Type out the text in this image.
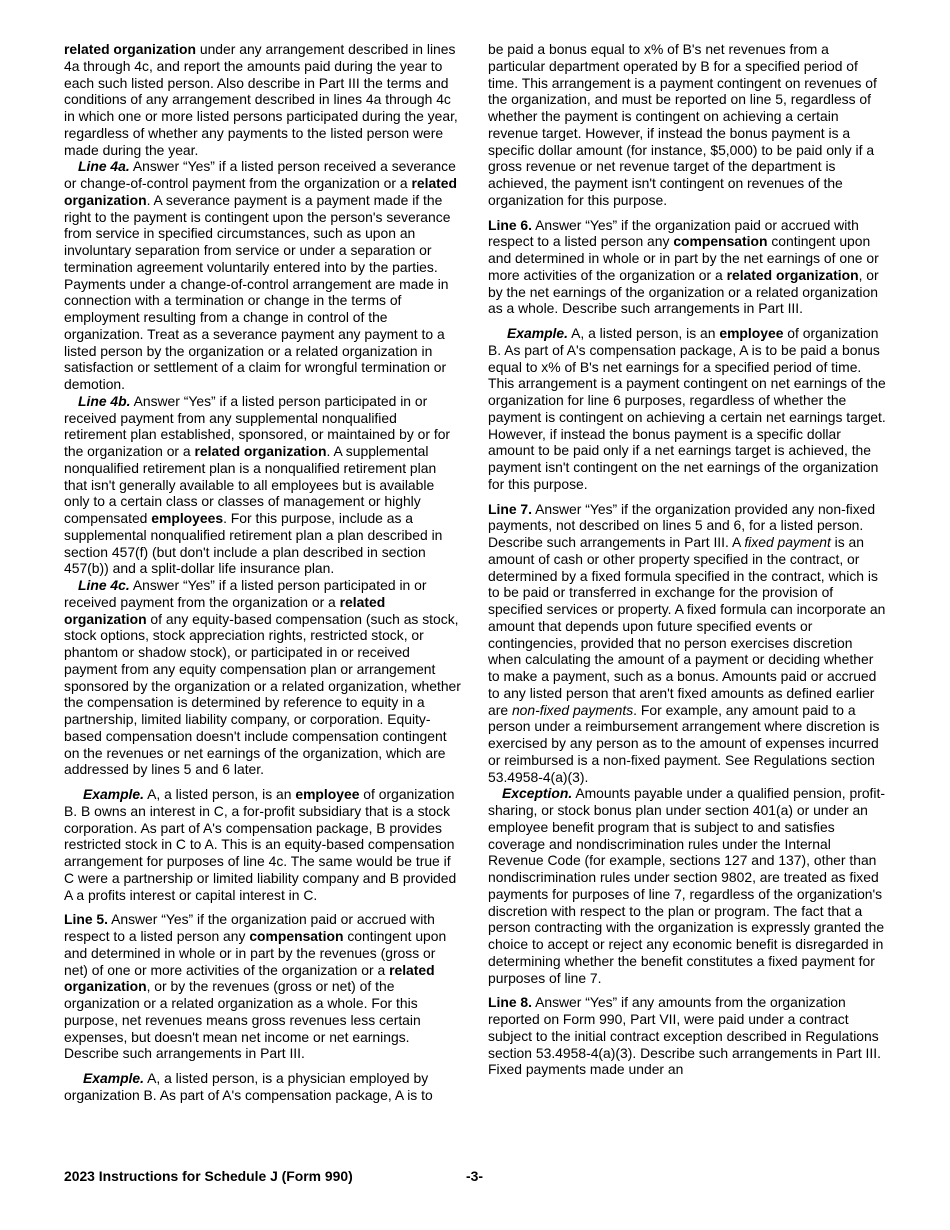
related organization under any arrangement described in lines 4a through 4c, and report the amounts paid during the year to each such listed person. Also describe in Part III the terms and conditions of any arrangement described in lines 4a through 4c in which one or more listed persons participated during the year, regardless of whether any payments to the listed person were made during the year.

Line 4a. Answer “Yes” if a listed person received a severance or change-of-control payment from the organization or a related organization. A severance payment is a payment made if the right to the payment is contingent upon the person's severance from service in specified circumstances, such as upon an involuntary separation from service or under a separation or termination agreement voluntarily entered into by the parties. Payments under a change-of-control arrangement are made in connection with a termination or change in the terms of employment resulting from a change in control of the organization. Treat as a severance payment any payment to a listed person by the organization or a related organization in satisfaction or settlement of a claim for wrongful termination or demotion.

Line 4b. Answer “Yes” if a listed person participated in or received payment from any supplemental nonqualified retirement plan established, sponsored, or maintained by or for the organization or a related organization. A supplemental nonqualified retirement plan is a nonqualified retirement plan that isn't generally available to all employees but is available only to a certain class or classes of management or highly compensated employees. For this purpose, include as a supplemental nonqualified retirement plan a plan described in section 457(f) (but don't include a plan described in section 457(b)) and a split-dollar life insurance plan.

Line 4c. Answer “Yes” if a listed person participated in or received payment from the organization or a related organization of any equity-based compensation (such as stock, stock options, stock appreciation rights, restricted stock, or phantom or shadow stock), or participated in or received payment from any equity compensation plan or arrangement sponsored by the organization or a related organization, whether the compensation is determined by reference to equity in a partnership, limited liability company, or corporation. Equity-based compensation doesn't include compensation contingent on the revenues or net earnings of the organization, which are addressed by lines 5 and 6 later.

Example. A, a listed person, is an employee of organization B. B owns an interest in C, a for-profit subsidiary that is a stock corporation. As part of A's compensation package, B provides restricted stock in C to A. This is an equity-based compensation arrangement for purposes of line 4c. The same would be true if C were a partnership or limited liability company and B provided A a profits interest or capital interest in C.

Line 5. Answer “Yes” if the organization paid or accrued with respect to a listed person any compensation contingent upon and determined in whole or in part by the revenues (gross or net) of one or more activities of the organization or a related organization, or by the revenues (gross or net) of the organization or a related organization as a whole. For this purpose, net revenues means gross revenues less certain expenses, but doesn't mean net income or net earnings. Describe such arrangements in Part III.

Example. A, a listed person, is a physician employed by organization B. As part of A's compensation package, A is to

be paid a bonus equal to x% of B's net revenues from a particular department operated by B for a specified period of time. This arrangement is a payment contingent on revenues of the organization, and must be reported on line 5, regardless of whether the payment is contingent on achieving a certain revenue target. However, if instead the bonus payment is a specific dollar amount (for instance, $5,000) to be paid only if a gross revenue or net revenue target of the department is achieved, the payment isn't contingent on revenues of the organization for this purpose.

Line 6. Answer “Yes” if the organization paid or accrued with respect to a listed person any compensation contingent upon and determined in whole or in part by the net earnings of one or more activities of the organization or a related organization, or by the net earnings of the organization or a related organization as a whole. Describe such arrangements in Part III.

Example. A, a listed person, is an employee of organization B. As part of A's compensation package, A is to be paid a bonus equal to x% of B's net earnings for a specified period of time. This arrangement is a payment contingent on net earnings of the organization for line 6 purposes, regardless of whether the payment is contingent on achieving a certain net earnings target. However, if instead the bonus payment is a specific dollar amount to be paid only if a net earnings target is achieved, the payment isn't contingent on the net earnings of the organization for this purpose.

Line 7. Answer “Yes” if the organization provided any non-fixed payments, not described on lines 5 and 6, for a listed person. Describe such arrangements in Part III. A fixed payment is an amount of cash or other property specified in the contract, or determined by a fixed formula specified in the contract, which is to be paid or transferred in exchange for the provision of specified services or property. A fixed formula can incorporate an amount that depends upon future specified events or contingencies, provided that no person exercises discretion when calculating the amount of a payment or deciding whether to make a payment, such as a bonus. Amounts paid or accrued to any listed person that aren't fixed amounts as defined earlier are non-fixed payments. For example, any amount paid to a person under a reimbursement arrangement where discretion is exercised by any person as to the amount of expenses incurred or reimbursed is a non-fixed payment. See Regulations section 53.4958-4(a)(3).

Exception. Amounts payable under a qualified pension, profit-sharing, or stock bonus plan under section 401(a) or under an employee benefit program that is subject to and satisfies coverage and nondiscrimination rules under the Internal Revenue Code (for example, sections 127 and 137), other than nondiscrimination rules under section 9802, are treated as fixed payments for purposes of line 7, regardless of the organization's discretion with respect to the plan or program. The fact that a person contracting with the organization is expressly granted the choice to accept or reject any economic benefit is disregarded in determining whether the benefit constitutes a fixed payment for purposes of line 7.

Line 8. Answer “Yes” if any amounts from the organization reported on Form 990, Part VII, were paid under a contract subject to the initial contract exception described in Regulations section 53.4958-4(a)(3). Describe such arrangements in Part III. Fixed payments made under an

2023 Instructions for Schedule J (Form 990)	-3-
